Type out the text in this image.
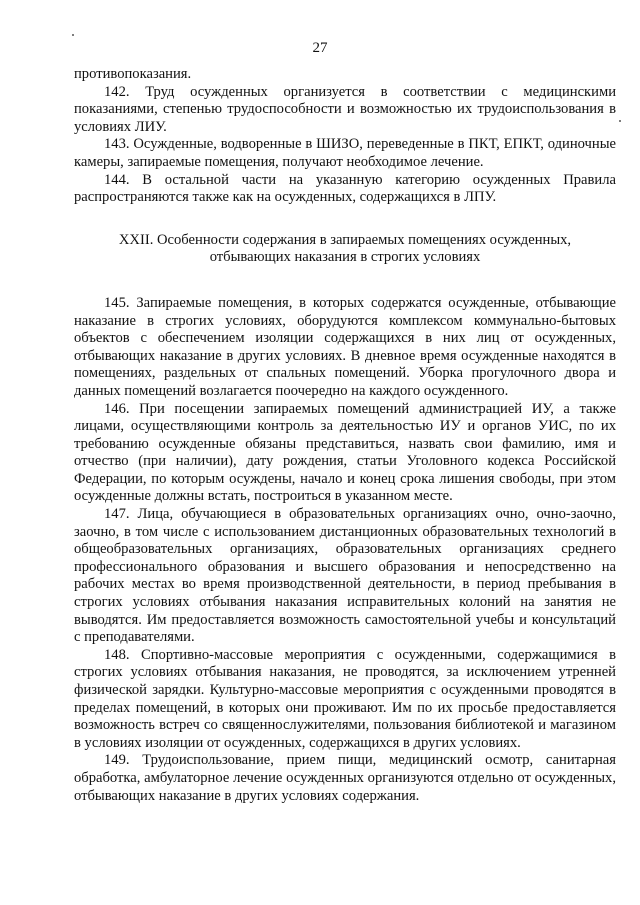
27

противопоказания.

142. Труд осужденных организуется в соответствии с медицинскими показаниями, степенью трудоспособности и возможностью их трудоиспользования в условиях ЛИУ.

143. Осужденные, водворенные в ШИЗО, переведенные в ПКТ, ЕПКТ, одиночные камеры, запираемые помещения, получают необходимое лечение.

144. В остальной части на указанную категорию осужденных Правила распространяются также как на осужденных, содержащихся в ЛПУ.

XXII. Особенности содержания в запираемых помещениях осужденных,
отбывающих наказания в строгих условиях

145. Запираемые помещения, в которых содержатся осужденные, отбывающие наказание в строгих условиях, оборудуются комплексом коммунально-бытовых объектов с обеспечением изоляции содержащихся в них лиц от осужденных, отбывающих наказание в других условиях. В дневное время осужденные находятся в помещениях, раздельных от спальных помещений. Уборка прогулочного двора и данных помещений возлагается поочередно на каждого осужденного.

146. При посещении запираемых помещений администрацией ИУ, а также лицами, осуществляющими контроль за деятельностью ИУ и органов УИС, по их требованию осужденные обязаны представиться, назвать свои фамилию, имя и отчество (при наличии), дату рождения, статьи Уголовного кодекса Российской Федерации, по которым осуждены, начало и конец срока лишения свободы, при этом осужденные должны встать, построиться в указанном месте.

147. Лица, обучающиеся в образовательных организациях очно, очно-заочно, заочно, в том числе с использованием дистанционных образовательных технологий в общеобразовательных организациях, образовательных организациях среднего профессионального образования и высшего образования и непосредственно на рабочих местах во время производственной деятельности, в период пребывания в строгих условиях отбывания наказания исправительных колоний на занятия не выводятся. Им предоставляется возможность самостоятельной учебы и консультаций с преподавателями.

148. Спортивно-массовые мероприятия с осужденными, содержащимися в строгих условиях отбывания наказания, не проводятся, за исключением утренней физической зарядки. Культурно-массовые мероприятия с осужденными проводятся в пределах помещений, в которых они проживают. Им по их просьбе предоставляется возможность встреч со священнослужителями, пользования библиотекой и магазином в условиях изоляции от осужденных, содержащихся в других условиях.

149. Трудоиспользование, прием пищи, медицинский осмотр, санитарная обработка, амбулаторное лечение осужденных организуются отдельно от осужденных, отбывающих наказание в других условиях содержания.
